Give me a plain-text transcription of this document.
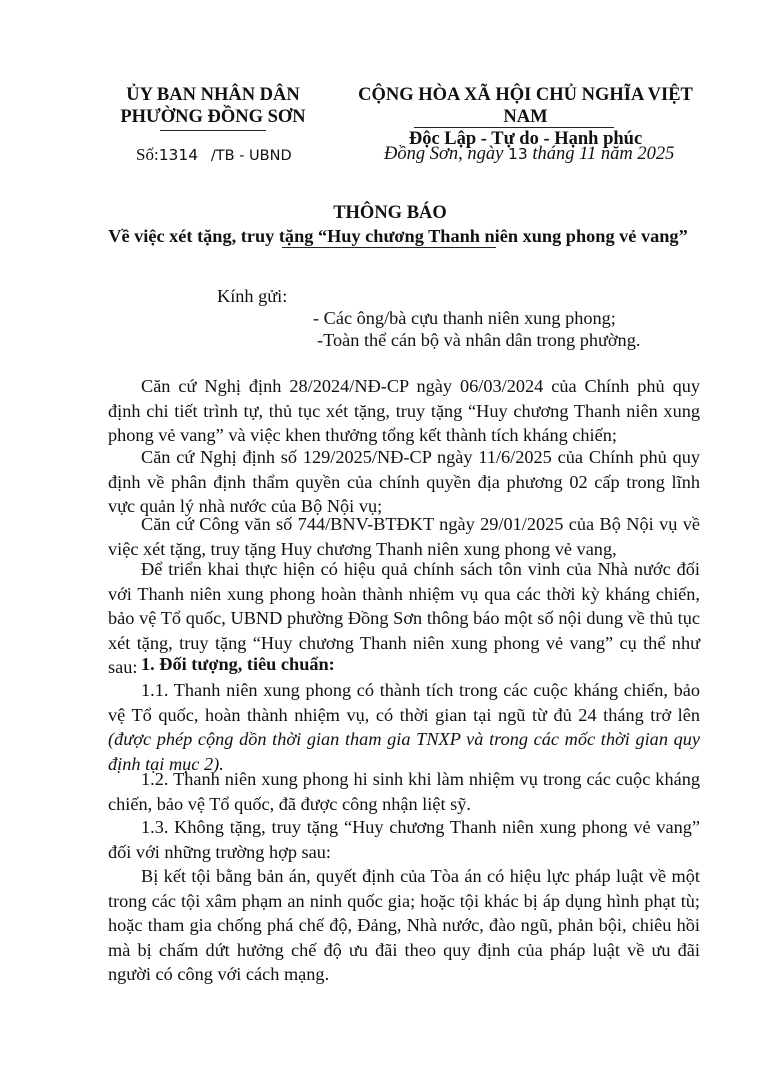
ỦY BAN NHÂN DÂN
PHƯỜNG ĐỒNG SƠN
CỘNG HÒA XÃ HỘI CHỦ NGHĨA VIỆT NAM
Độc Lập - Tự do - Hạnh phúc
Số:1314 /TB - UBND	Đồng Sơn, ngày 13 tháng 11 năm 2025
THÔNG BÁO
Về việc xét tặng, truy tặng “Huy chương Thanh niên xung phong vẻ vang”
Kính gửi:
- Các ông/bà cựu thanh niên xung phong;
-Toàn thể cán bộ và nhân dân trong phường.

Căn cứ Nghị định 28/2024/NĐ-CP ngày 06/03/2024 của Chính phủ quy định chi tiết trình tự, thủ tục xét tặng, truy tặng “Huy chương Thanh niên xung phong vẻ vang” và việc khen thưởng tổng kết thành tích kháng chiến;

Căn cứ Nghị định số 129/2025/NĐ-CP ngày 11/6/2025 của Chính phủ quy định về phân định thẩm quyền của chính quyền địa phương 02 cấp trong lĩnh vực quản lý nhà nước của Bộ Nội vụ;

Căn cứ Công văn số 744/BNV-BTĐKT ngày 29/01/2025 của Bộ Nội vụ về việc xét tặng, truy tặng Huy chương Thanh niên xung phong vẻ vang,

Để triển khai thực hiện có hiệu quả chính sách tôn vinh của Nhà nước đối với Thanh niên xung phong hoàn thành nhiệm vụ qua các thời kỳ kháng chiến, bảo vệ Tổ quốc, UBND phường Đồng Sơn thông báo một số nội dung về thủ tục xét tặng, truy tặng “Huy chương Thanh niên xung phong vẻ vang” cụ thể như sau: 1. Đối tượng, tiêu chuẩn:

1.1. Thanh niên xung phong có thành tích trong các cuộc kháng chiến, bảo vệ Tổ quốc, hoàn thành nhiệm vụ, có thời gian tại ngũ từ đủ 24 tháng trở lên (được phép cộng dồn thời gian tham gia TNXP và trong các mốc thời gian quy định tại mục 2).

1.2. Thanh niên xung phong hi sinh khi làm nhiệm vụ trong các cuộc kháng chiến, bảo vệ Tổ quốc, đã được công nhận liệt sỹ.

1.3. Không tặng, truy tặng “Huy chương Thanh niên xung phong vẻ vang” đối với những trường hợp sau:

Bị kết tội bằng bản án, quyết định của Tòa án có hiệu lực pháp luật về một trong các tội xâm phạm an ninh quốc gia; hoặc tội khác bị áp dụng hình phạt tù; hoặc tham gia chống phá chế độ, Đảng, Nhà nước, đào ngũ, phản bội, chiêu hồi mà bị chấm dứt hưởng chế độ ưu đãi theo quy định của pháp luật về ưu đãi người có công với cách mạng.
